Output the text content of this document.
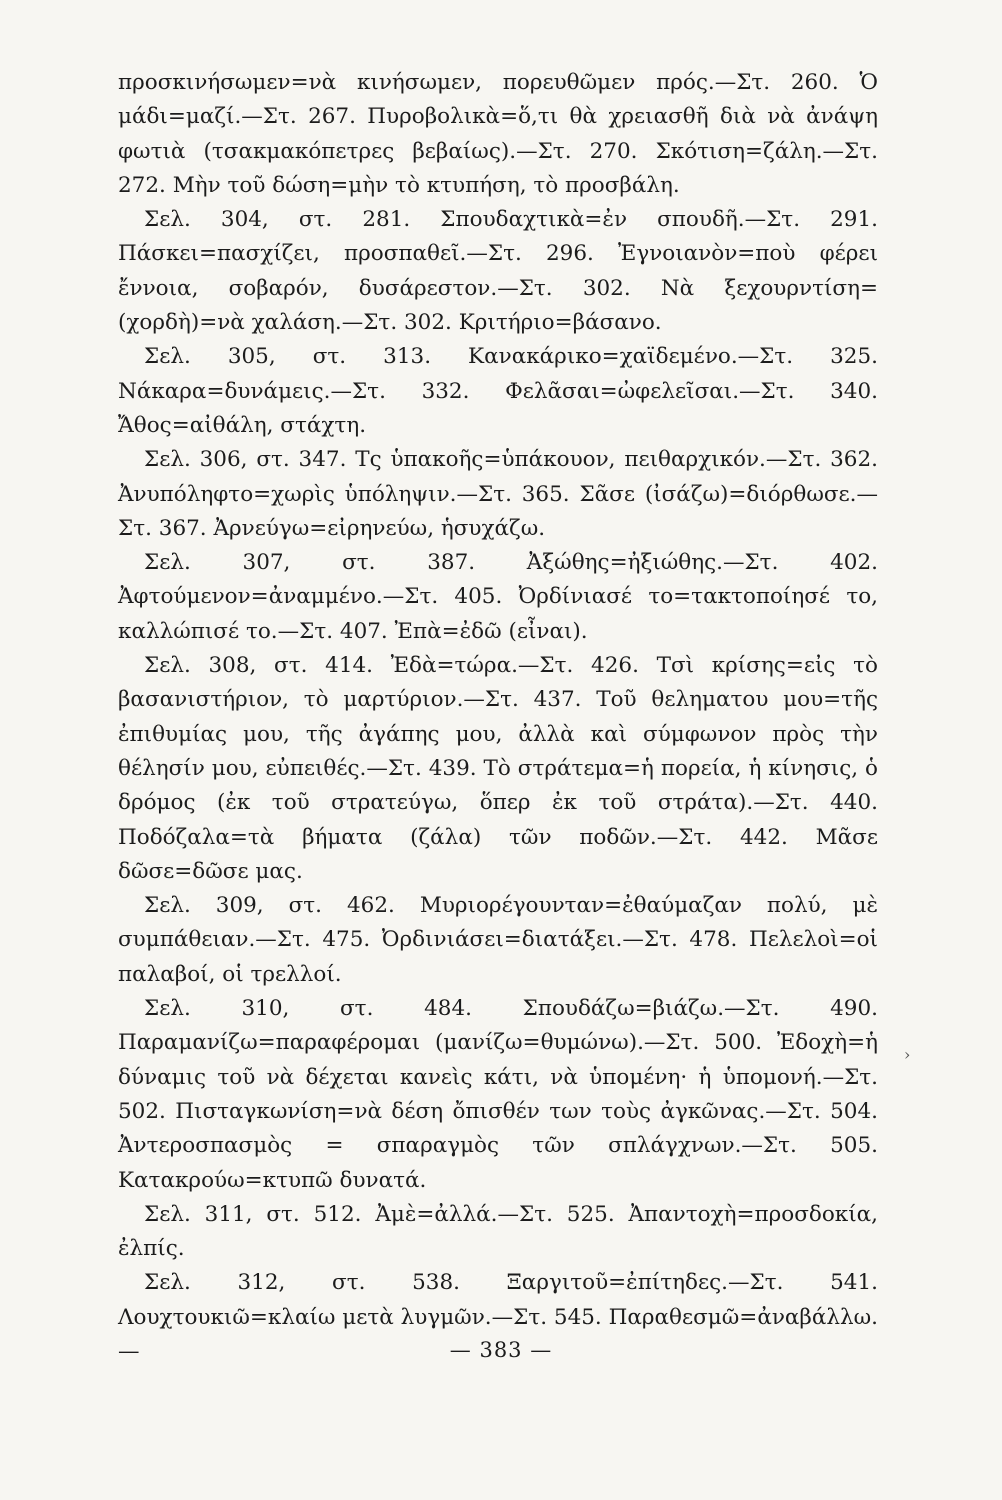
προσκινήσωμεν=νὰ κινήσωμεν, πορευθῶμεν πρός.—Στ. 260. Ὁ μάδι=μαζί.—Στ. 267. Πυροβολικὰ=ὅ,τι θὰ χρειασθῆ διὰ νὰ ἀνάψη φωτιὰ (τσακμακόπετρες βεβαίως).—Στ. 270. Σκότιση=ζάλη.—Στ. 272. Μὴν τοῦ δώση=μὴν τὸ κτυπήση, τὸ προσβάλη.

Σελ. 304, στ. 281. Σπουδαχτικὰ=ἐν σπουδῆ.—Στ. 291. Πάσκει=πασχίζει, προσπαθεῖ.—Στ. 296. Ἐγνοιανὸν=ποὺ φέρει ἔννοια, σοβαρόν, δυσάρεστον.—Στ. 302. Νὰ ξεχουρντίση=(χορδὴ)=νὰ χαλάση.—Στ. 302. Κριτήριο=βάσανο.

Σελ. 305, στ. 313. Κανακάρικο=χαϊδεμένο.—Στ. 325. Νάκαρα=δυνάμεις.—Στ. 332. Φελᾶσαι=ὠφελεῖσαι.—Στ. 340. Ἄθος=αἰθάλη, στάχτη.

Σελ. 306, στ. 347. Τς ὑπακοῆς=ὑπάκουον, πειθαρχικόν.—Στ. 362. Ἀνυπόληφτο=χωρὶς ὑπόληψιν.—Στ. 365. Σᾶσε (ἰσάζω)=διόρθωσε.—Στ. 367. Ἀρνεύγω=εἰρηνεύω, ἡσυχάζω.

Σελ. 307, στ. 387. Ἀξώθης=ἠξιώθης.—Στ. 402. Ἀφτούμενον=ἀναμμένο.—Στ. 405. Ὀρδίνιασέ το=τακτοποίησέ το, καλλώπισέ το.—Στ. 407. Ἐπὰ=ἐδῶ (εἶναι).

Σελ. 308, στ. 414. Ἐδὰ=τώρα.—Στ. 426. Τσὶ κρίσης=εἰς τὸ βασανιστήριον, τὸ μαρτύριον.—Στ. 437. Τοῦ θεληματου μου=τῆς ἐπιθυμίας μου, τῆς ἀγάπης μου, ἀλλὰ καὶ σύμφωνον πρὸς τὴν θέλησίν μου, εὐπειθές.—Στ. 439. Τὸ στράτεμα=ἡ πορεία, ἡ κίνησις, ὁ δρόμος (ἐκ τοῦ στρατεύγω, ὅπερ ἐκ τοῦ στράτα).—Στ. 440. Ποδόζαλα=τὰ βήματα (ζάλα) τῶν ποδῶν.—Στ. 442. Μᾶσε δῶσε=δῶσε μας.

Σελ. 309, στ. 462. Μυριορέγουνταν=ἐθαύμαζαν πολύ, μὲ συμπάθειαν.—Στ. 475. Ὀρδινιάσει=διατάξει.—Στ. 478. Πελελοὶ=οἱ παλαβοί, οἱ τρελλοί.

Σελ. 310, στ. 484. Σπουδάζω=βιάζω.—Στ. 490. Παραμανίζω=παραφέρομαι (μανίζω=θυμώνω).—Στ. 500. Ἐδοχὴ=ἡ δύναμις τοῦ νὰ δέχεται κανεὶς κάτι, νὰ ὑπομένη· ἡ ὑπομονή.—Στ. 502. Πισταγκωνίση=νὰ δέση ὄπισθέν των τοὺς ἀγκῶνας.—Στ. 504. Ἀντεροσπασμὸς = σπαραγμὸς τῶν σπλάγχνων.—Στ. 505. Κατακρούω=κτυπῶ δυνατά.

Σελ. 311, στ. 512. Ἀμὲ=ἀλλά.—Στ. 525. Ἀπαντοχὴ=προσδοκία, ἐλπίς.

Σελ. 312, στ. 538. Ξαργιτοῦ=ἐπίτηδες.—Στ. 541. Λουχτουκιῶ=κλαίω μετὰ λυγμῶν.—Στ. 545. Παραθεσμῶ=ἀναβάλλω.—

›
— 383 —
